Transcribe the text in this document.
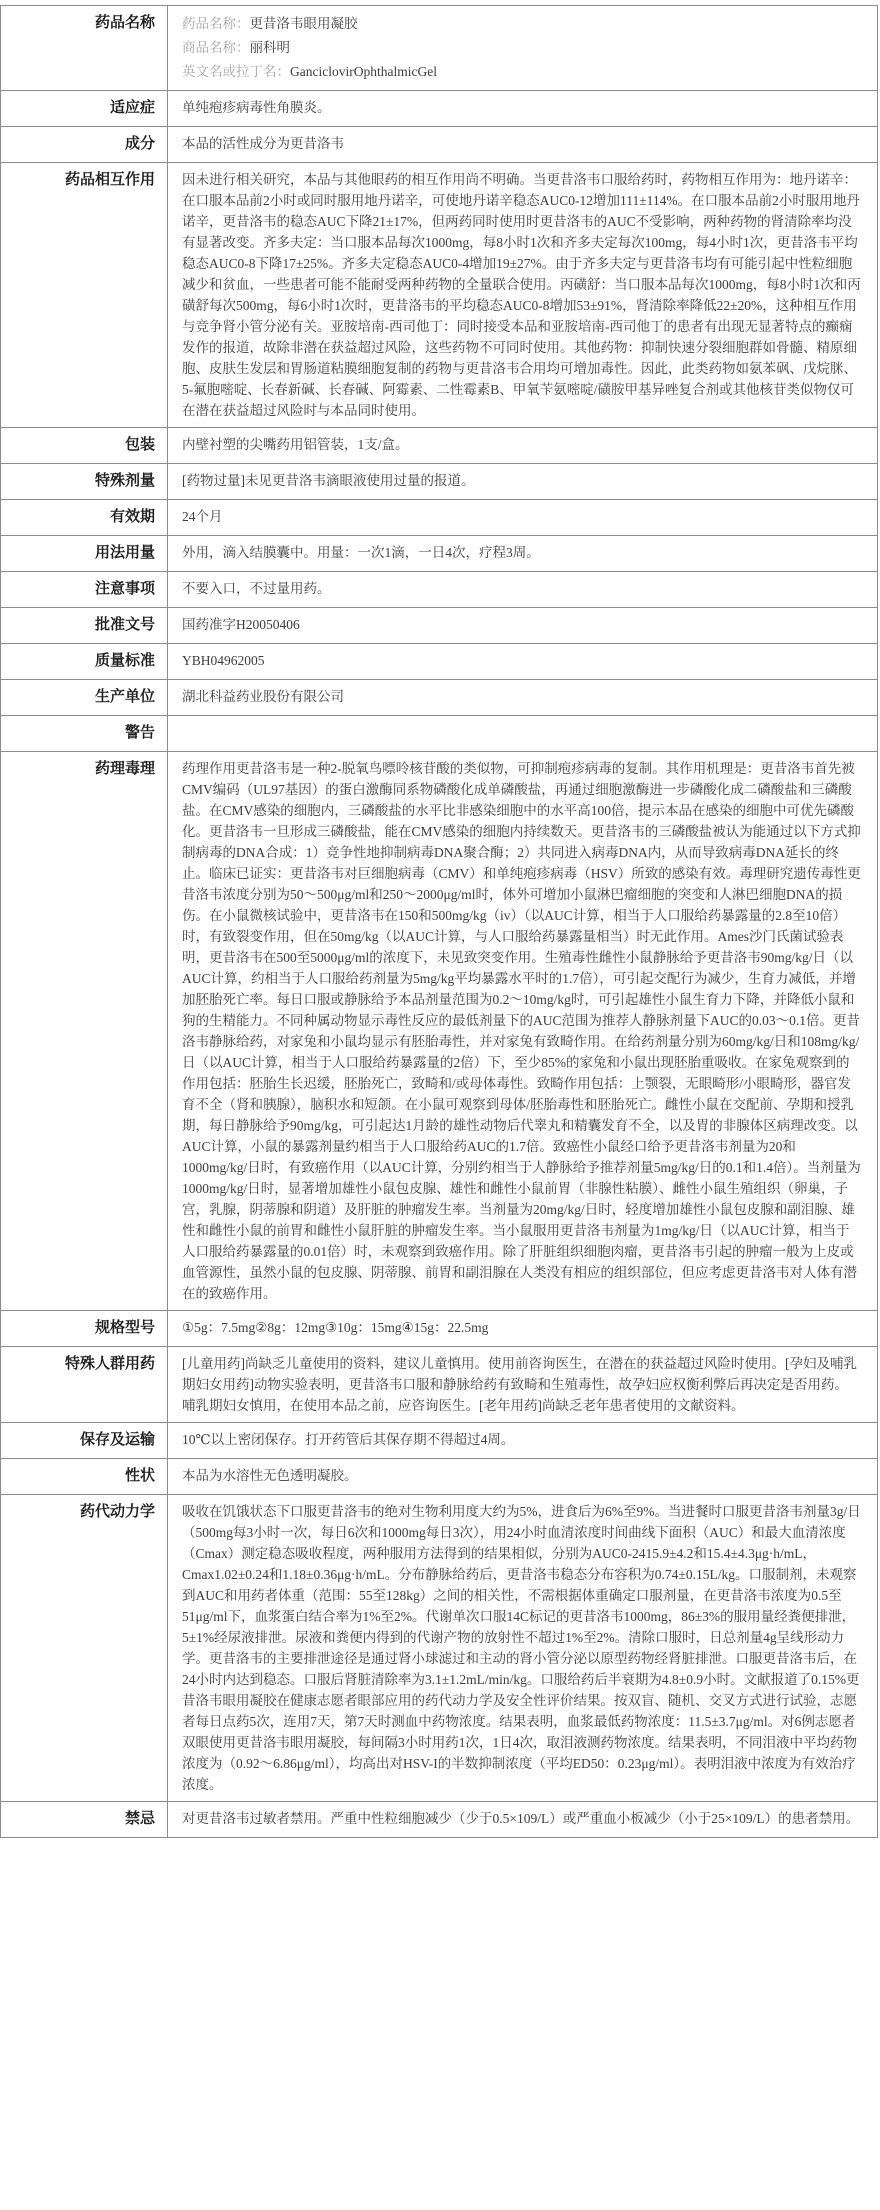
药品名称	药品名称：更昔洛韦眼用凝胶
商品名称：丽科明
英文名或拉丁名：GanciclovirOphthalmicGel

适应症	单纯疱疹病毒性角膜炎。
成分	本品的活性成分为更昔洛韦
药品相互作用	因未进行相关研究，本品与其他眼药的相互作用尚不明确。当更昔洛韦口服给药时，药物相互作用为：地丹诺辛：在口服本品前2小时或同时服用地丹诺辛，可使地丹诺辛稳态AUC0-12增加111±114%。在口服本品前2小时服用地丹诺辛，更昔洛韦的稳态AUC下降21±17%，但两药同时使用时更昔洛韦的AUC不受影响，两种药物的肾清除率均没有显著改变。齐多夫定：当口服本品每次1000mg，每8小时1次和齐多夫定每次100mg，每4小时1次，更昔洛韦平均稳态AUC0-8下降17±25%。齐多夫定稳态AUC0-4增加19±27%。由于齐多夫定与更昔洛韦均有可能引起中性粒细胞减少和贫血，一些患者可能不能耐受两种药物的全量联合使用。丙磺舒：当口服本品每次1000mg，每8小时1次和丙磺舒每次500mg，每6小时1次时，更昔洛韦的平均稳态AUC0-8增加53±91%，肾清除率降低22±20%，这种相互作用与竞争肾小管分泌有关。亚胺培南-西司他丁：同时接受本品和亚胺培南-西司他丁的患者有出现无显著特点的癫痫发作的报道，故除非潜在获益超过风险，这些药物不可同时使用。其他药物：抑制快速分裂细胞群如骨髓、精原细胞、皮肤生发层和胃肠道粘膜细胞复制的药物与更昔洛韦合用均可增加毒性。因此，此类药物如氨苯砜、戊烷脒、5-氟胞嘧啶、长春新碱、长春碱、阿霉素、二性霉素B、甲氧苄氨嘧啶/磺胺甲基异唑复合剂或其他核苷类似物仅可在潜在获益超过风险时与本品同时使用。
包装	内壁衬塑的尖嘴药用铝管装，1支/盒。
特殊剂量	[药物过量]未见更昔洛韦滴眼液使用过量的报道。
有效期	24个月
用法用量	外用，滴入结膜囊中。用量：一次1滴，一日4次，疗程3周。
注意事项	不要入口，不过量用药。
批准文号	国药准字H20050406
质量标准	YBH04962005
生产单位	湖北科益药业股份有限公司
警告	
药理毒理	药理作用更昔洛韦是一种2-脱氧鸟嘌呤核苷酸的类似物，可抑制疱疹病毒的复制。其作用机理是：更昔洛韦首先被CMV编码（UL97基因）的蛋白激酶同系物磷酸化成单磷酸盐，再通过细胞激酶进一步磷酸化成二磷酸盐和三磷酸盐。在CMV感染的细胞内，三磷酸盐的水平比非感染细胞中的水平高100倍，提示本品在感染的细胞中可优先磷酸化。更昔洛韦一旦形成三磷酸盐，能在CMV感染的细胞内持续数天。更昔洛韦的三磷酸盐被认为能通过以下方式抑制病毒的DNA合成：1）竞争性地抑制病毒DNA聚合酶；2）共同进入病毒DNA内，从而导致病毒DNA延长的终止。临床已证实：更昔洛韦对巨细胞病毒（CMV）和单纯疱疹病毒（HSV）所致的感染有效。毒理研究遗传毒性更昔洛韦浓度分别为50～500μg/ml和250～2000μg/ml时，体外可增加小鼠淋巴瘤细胞的突变和人淋巴细胞DNA的损伤。在小鼠微核试验中，更昔洛韦在150和500mg/kg（iv）（以AUC计算，相当于人口服给药暴露量的2.8至10倍）时，有致裂变作用，但在50mg/kg（以AUC计算，与人口服给药暴露量相当）时无此作用。Ames沙门氏菌试验表明，更昔洛韦在500至5000μg/ml的浓度下，未见致突变作用。生殖毒性雌性小鼠静脉给予更昔洛韦90mg/kg/日（以AUC计算，约相当于人口服给药剂量为5mg/kg平均暴露水平时的1.7倍），可引起交配行为减少，生育力减低，并增加胚胎死亡率。每日口服或静脉给予本品剂量范围为0.2～10mg/kg时，可引起雄性小鼠生育力下降，并降低小鼠和狗的生精能力。不同种属动物显示毒性反应的最低剂量下的AUC范围为推荐人静脉剂量下AUC的0.03～0.1倍。更昔洛韦静脉给药，对家兔和小鼠均显示有胚胎毒性，并对家兔有致畸作用。在给药剂量分别为60mg/kg/日和108mg/kg/日（以AUC计算，相当于人口服给药暴露量的2倍）下，至少85%的家兔和小鼠出现胚胎重吸收。在家兔观察到的作用包括：胚胎生长迟缓，胚胎死亡，致畸和/或母体毒性。致畸作用包括：上颚裂，无眼畸形/小眼畸形，器官发育不全（肾和胰腺），脑积水和短颌。在小鼠可观察到母体/胚胎毒性和胚胎死亡。雌性小鼠在交配前、孕期和授乳期，每日静脉给予90mg/kg，可引起达1月龄的雄性动物后代睾丸和精囊发育不全，以及胃的非腺体区病理改变。以AUC计算，小鼠的暴露剂量约相当于人口服给药AUC的1.7倍。致癌性小鼠经口给予更昔洛韦剂量为20和1000mg/kg/日时，有致癌作用（以AUC计算，分别约相当于人静脉给予推荐剂量5mg/kg/日的0.1和1.4倍）。当剂量为1000mg/kg/日时，显著增加雄性小鼠包皮腺、雄性和雌性小鼠前胃（非腺性粘膜）、雌性小鼠生殖组织（卵巢，子宫，乳腺，阴蒂腺和阴道）及肝脏的肿瘤发生率。当剂量为20mg/kg/日时，轻度增加雄性小鼠包皮腺和副泪腺、雄性和雌性小鼠的前胃和雌性小鼠肝脏的肿瘤发生率。当小鼠服用更昔洛韦剂量为1mg/kg/日（以AUC计算，相当于人口服给药暴露量的0.01倍）时，未观察到致癌作用。除了肝脏组织细胞肉瘤，更昔洛韦引起的肿瘤一般为上皮或血管源性，虽然小鼠的包皮腺、阴蒂腺、前胃和副泪腺在人类没有相应的组织部位，但应考虑更昔洛韦对人体有潜在的致癌作用。
规格型号	①5g：7.5mg②8g：12mg③10g：15mg④15g：22.5mg
特殊人群用药	[儿童用药]尚缺乏儿童使用的资料，建议儿童慎用。使用前咨询医生，在潜在的获益超过风险时使用。[孕妇及哺乳期妇女用药]动物实验表明，更昔洛韦口服和静脉给药有致畸和生殖毒性，故孕妇应权衡利弊后再决定是否用药。哺乳期妇女慎用，在使用本品之前，应咨询医生。[老年用药]尚缺乏老年患者使用的文献资料。
保存及运输	10℃以上密闭保存。打开药管后其保存期不得超过4周。
性状	本品为水溶性无色透明凝胶。
药代动力学	吸收在饥饿状态下口服更昔洛韦的绝对生物利用度大约为5%，进食后为6%至9%。当进餐时口服更昔洛韦剂量3g/日（500mg每3小时一次，每日6次和1000mg每日3次），用24小时血清浓度时间曲线下面积（AUC）和最大血清浓度（Cmax）测定稳态吸收程度，两种服用方法得到的结果相似，分别为AUC0-2415.9±4.2和15.4±4.3μg·h/mL，Cmax1.02±0.24和1.18±0.36μg·h/mL。分布静脉给药后，更昔洛韦稳态分布容积为0.74±0.15L/kg。口服制剂，未观察到AUC和用药者体重（范围：55至128kg）之间的相关性，不需根据体重确定口服剂量，在更昔洛韦浓度为0.5至51μg/ml下，血浆蛋白结合率为1%至2%。代谢单次口服14C标记的更昔洛韦1000mg，86±3%的服用量经粪便排泄，5±1%经尿液排泄。尿液和粪便内得到的代谢产物的放射性不超过1%至2%。清除口服时，日总剂量4g呈线形动力学。更昔洛韦的主要排泄途径是通过肾小球滤过和主动的肾小管分泌以原型药物经肾脏排泄。口服更昔洛韦后，在24小时内达到稳态。口服后肾脏清除率为3.1±1.2mL/min/kg。口服给药后半衰期为4.8±0.9小时。文献报道了0.15%更昔洛韦眼用凝胶在健康志愿者眼部应用的药代动力学及安全性评价结果。按双盲、随机、交叉方式进行试验，志愿者每日点药5次，连用7天，第7天时测血中药物浓度。结果表明，血浆最低药物浓度：11.5±3.7μg/ml。对6例志愿者双眼使用更昔洛韦眼用凝胶，每间隔3小时用药1次，1日4次，取泪液测药物浓度。结果表明，不同泪液中平均药物浓度为（0.92～6.86μg/ml），均高出对HSV-I的半数抑制浓度（平均ED50：0.23μg/ml）。表明泪液中浓度为有效治疗浓度。
禁忌	对更昔洛韦过敏者禁用。严重中性粒细胞减少（少于0.5×109/L）或严重血小板减少（小于25×109/L）的患者禁用。
